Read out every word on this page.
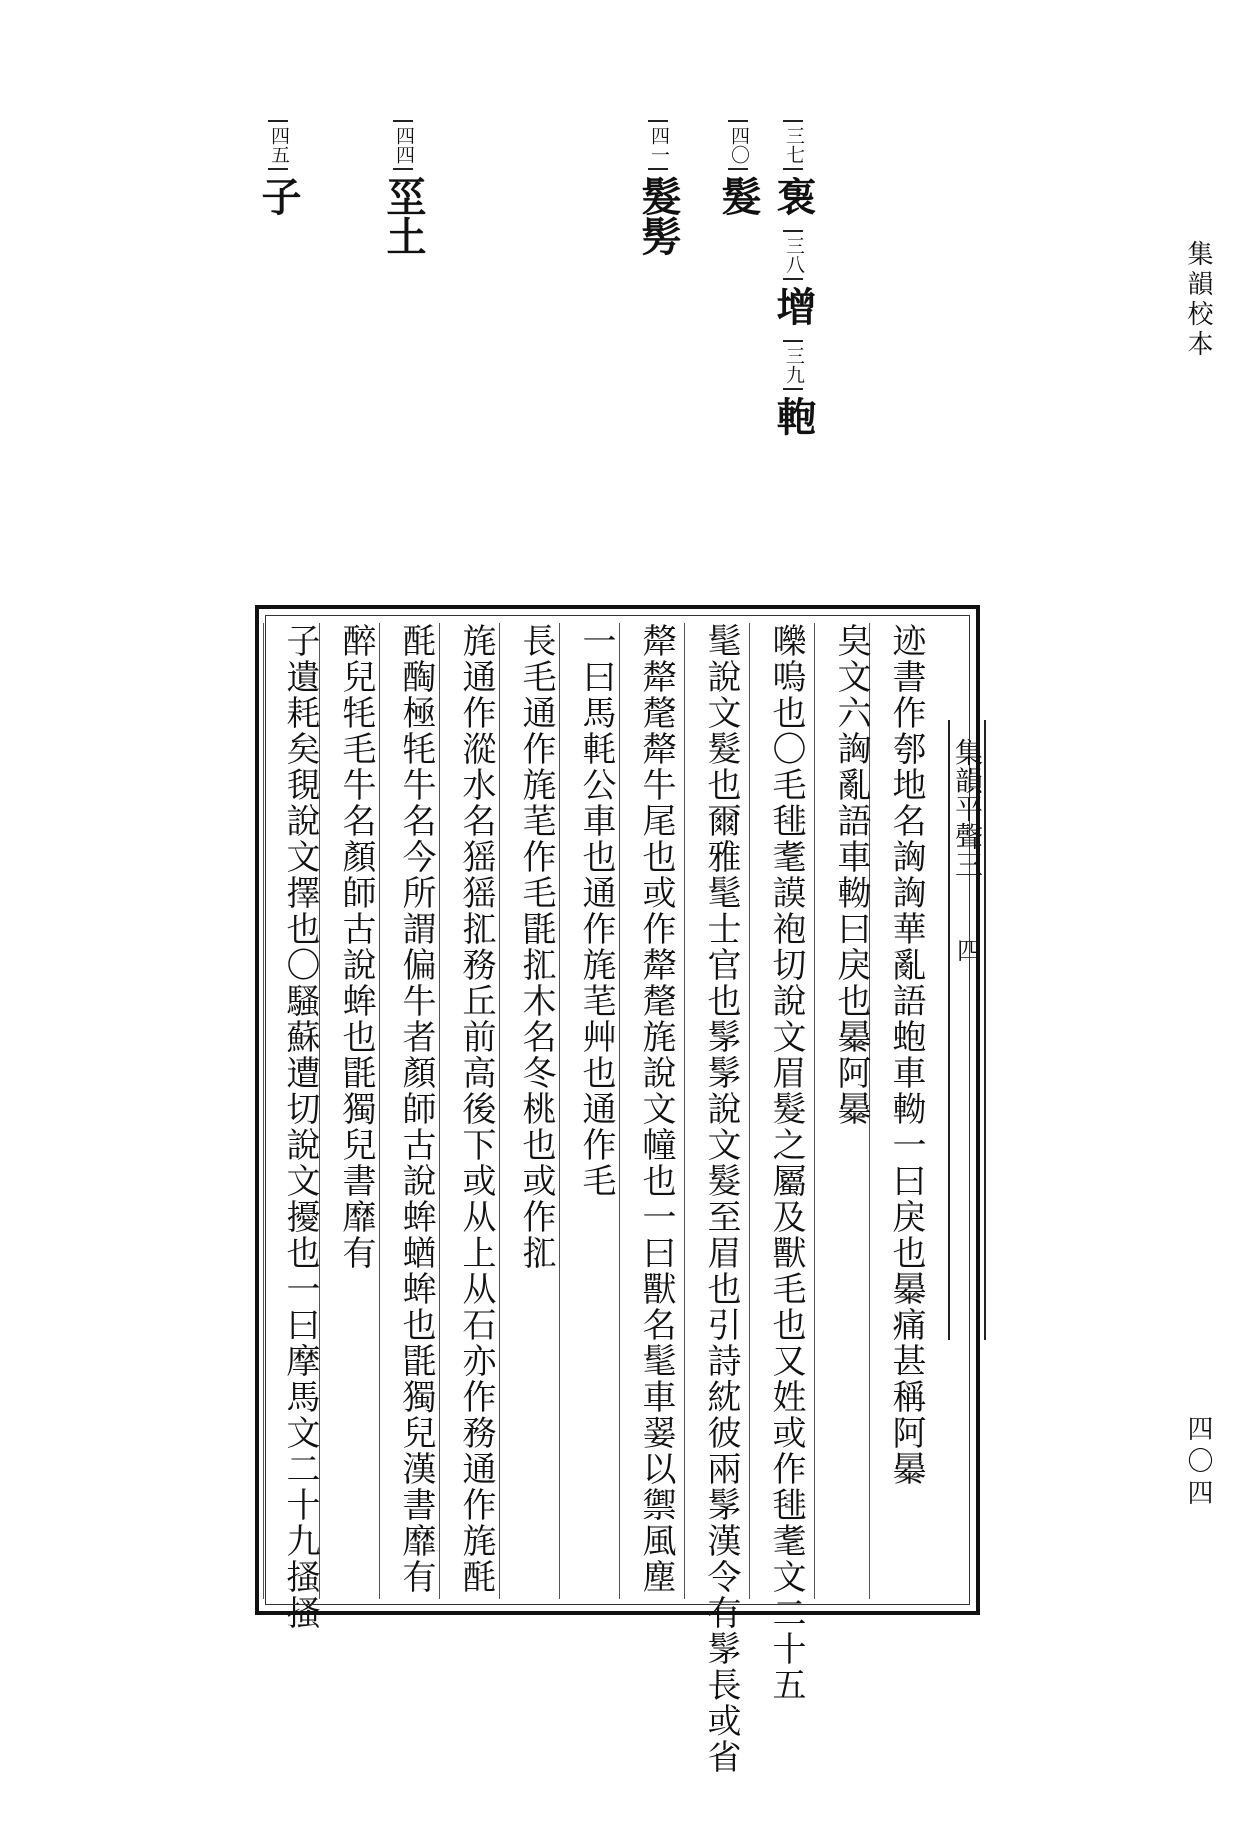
集韻校本
四〇四
三七
袌
三八
增
三九
軳
四〇
髮
四一
髮髣
四四
坙土
四五
子
迹書作郀地名詾詾華亂語蚫車軪一曰戾也㬥痛甚稱阿㬥
㚖文六詾亂語車軪曰戾也㬥阿㬥
嚛嗚也〇毛毴耄謨袍切說文眉髮之屬及獸毛也又姓或作毴耄文二十五
髦說文髮也爾雅髦士官也髳髳說文髮至眉也引詩紞彼兩髳漢令有髳長或省
犛犛氂犛牛尾也或作犛氂旄說文幢也一曰獸名髦車翣以禦風塵
一曰馬軞公車也通作旄芼艸也通作毛
長毛通作旄芼作毛毷㧟木名冬桃也或作㧟
旄通作漎水名猺猺㧟務丘前高後下或从上从石亦作務通作旄酕
酕醄極牦牛名今所謂偏牛者顏師古說蛑蝤蛑也毷獨兒漢書靡有
醉兒牦毛牛名顏師古說蛑也毷獨兒書靡有
子遺耗矣覒說文擇也〇騷蘇遭切說文擾也一曰摩馬文二十九搔搔	集韻平聲三
四
